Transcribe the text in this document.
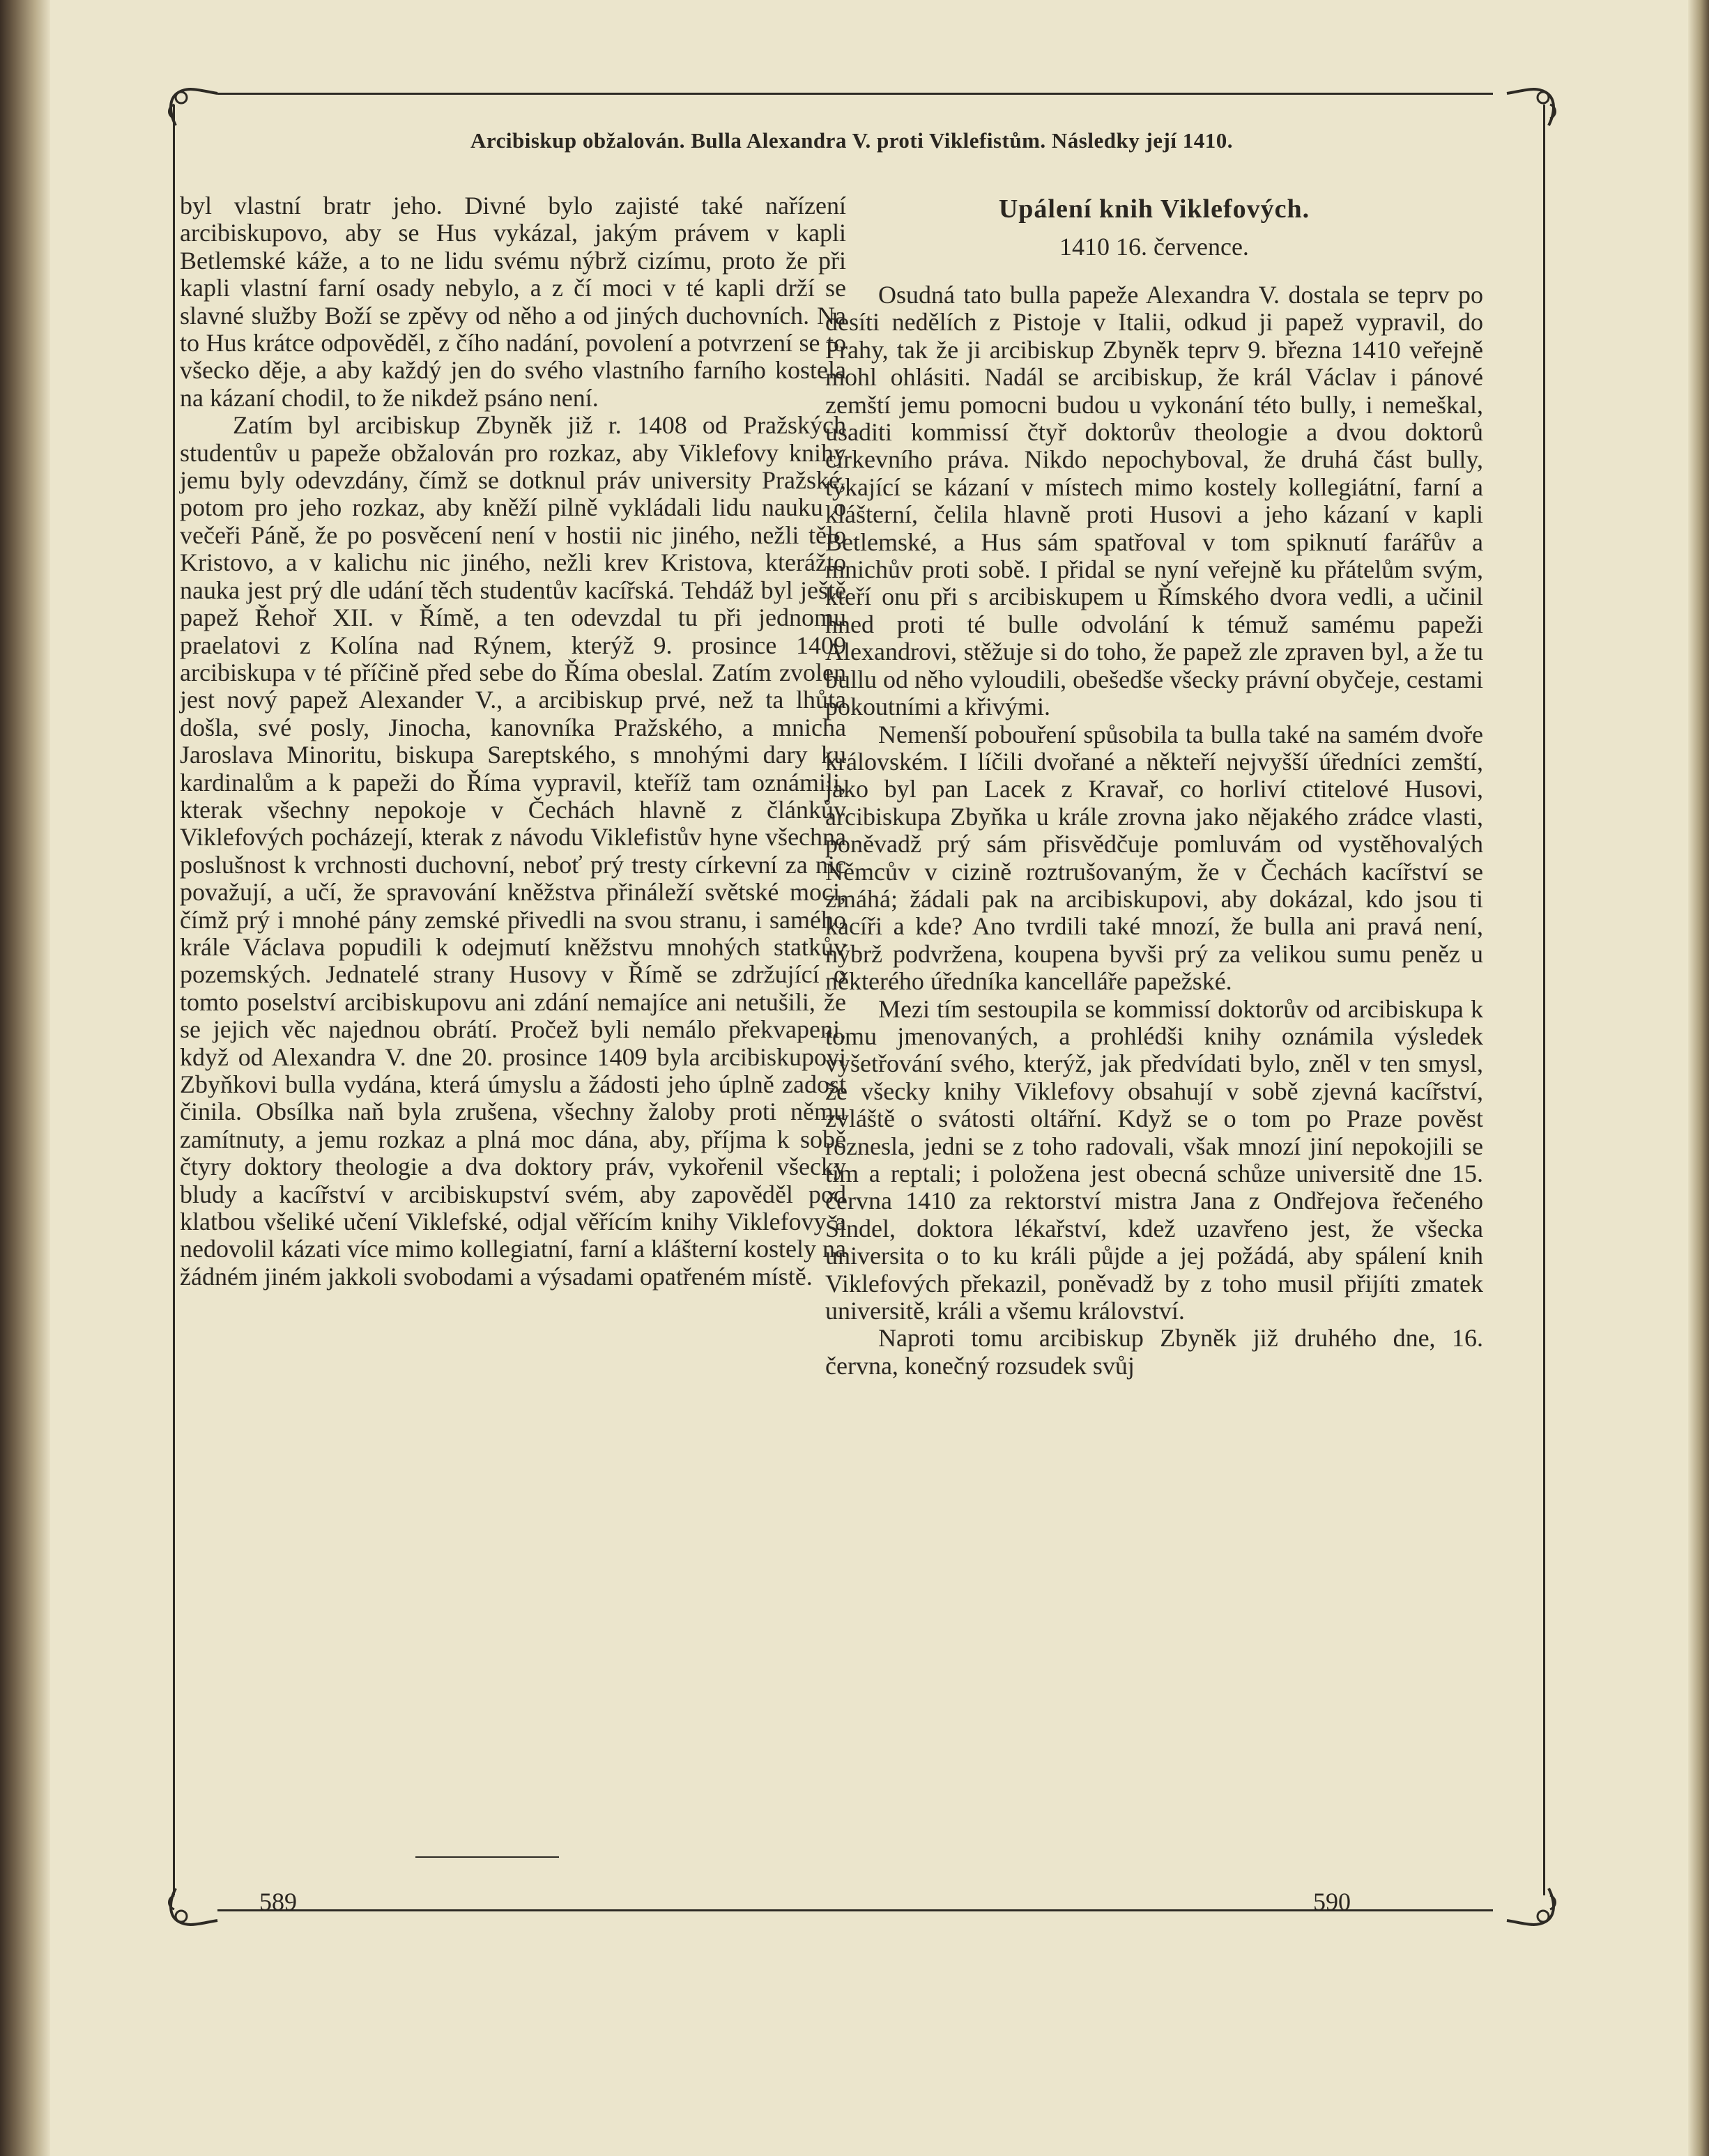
Arcibiskup obžalován. Bulla Alexandra V. proti Viklefistům. Následky její 1410.

byl vlastní bratr jeho. Divné bylo zajisté také nařízení arcibiskupovo, aby se Hus vykázal, jakým právem v kapli Betlemské káže, a to ne lidu svému nýbrž cizímu, proto že při kapli vlastní farní osady nebylo, a z čí moci v té kapli drží se slavné služby Boží se zpěvy od něho a od jiných duchovních. Na to Hus krátce odpověděl, z čího nadání, povolení a potvrzení se to všecko děje, a aby každý jen do svého vlastního farního kostela na kázaní chodil, to že nikdež psáno není.

Zatím byl arcibiskup Zbyněk již r. 1408 od Pražských studentův u papeže obžalován pro rozkaz, aby Viklefovy knihy jemu byly odevzdány, čímž se dotknul práv university Pražské, potom pro jeho rozkaz, aby kněží pilně vykládali lidu nauku o večeři Páně, že po posvěcení není v hostii nic jiného, nežli tělo Kristovo, a v kalichu nic jiného, nežli krev Kristova, kterážto nauka jest prý dle udání těch studentův kacířská. Tehdáž byl ještě papež Řehoř XII. v Římě, a ten odevzdal tu při jednomu praelatovi z Kolína nad Rýnem, kterýž 9. prosince 1409 arcibiskupa v té příčině před sebe do Říma obeslal. Zatím zvolen jest nový papež Alexander V., a arcibiskup prvé, než ta lhůta došla, své posly, Jinocha, kanovníka Pražského, a mnicha Jaroslava Minoritu, biskupa Sareptského, s mnohými dary ku kardinalům a k papeži do Říma vypravil, kteříž tam oznámili, kterak všechny nepokoje v Čechách hlavně z článkův Viklefových pocházejí, kterak z návodu Viklefistův hyne všechna poslušnost k vrchnosti duchovní, neboť prý tresty církevní za nic považují, a učí, že spravování kněžstva přináleží světské moci, čímž prý i mnohé pány zemské přivedli na svou stranu, i samého krále Václava popudili k odejmutí kněžstvu mnohých statkův pozemských. Jednatelé strany Husovy v Římě se zdržující o tomto poselství arcibiskupovu ani zdání nemajíce ani netušili, že se jejich věc najednou obrátí. Pročež byli nemálo překvapeni, když od Alexandra V. dne 20. prosince 1409 byla arcibiskupovi Zbyňkovi bulla vydána, která úmyslu a žádosti jeho úplně zadost činila. Obsílka naň byla zrušena, všechny žaloby proti němu zamítnuty, a jemu rozkaz a plná moc dána, aby, příjma k sobě čtyry doktory theologie a dva doktory práv, vykořenil všecky bludy a kacířství v arcibiskupství svém, aby zapověděl pod klatbou všeliké učení Viklefské, odjal věřícím knihy Viklefovy a nedovolil kázati více mimo kollegiatní, farní a klášterní kostely na žádném jiném jakkoli svobodami a výsadami opatřeném místě.

Upálení knih Viklefových.
1410 16. července.

Osudná tato bulla papeže Alexandra V. dostala se teprv po desíti nedělích z Pistoje v Italii, odkud ji papež vypravil, do Prahy, tak že ji arcibiskup Zbyněk teprv 9. března 1410 veřejně mohl ohlásiti. Nadál se arcibiskup, že král Václav i pánové zemští jemu pomocni budou u vykonání této bully, i nemeškal, usaditi kommissí čtyř doktorův theologie a dvou doktorů církevního práva. Nikdo nepochyboval, že druhá část bully, týkající se kázaní v místech mimo kostely kollegiátní, farní a klášterní, čelila hlavně proti Husovi a jeho kázaní v kapli Betlemské, a Hus sám spatřoval v tom spiknutí farářův a mnichův proti sobě. I přidal se nyní veřejně ku přátelům svým, kteří onu při s arcibiskupem u Římského dvora vedli, a učinil hned proti té bulle odvolání k témuž samému papeži Alexandrovi, stěžuje si do toho, že papež zle zpraven byl, a že tu bullu od něho vyloudili, obešedše všecky právní obyčeje, cestami pokoutními a křivými.

Nemenší pobouření spůsobila ta bulla také na samém dvoře královském. I líčili dvořané a někteří nejvyšší úředníci zemští, jako byl pan Lacek z Kravař, co horliví ctitelové Husovi, arcibiskupa Zbyňka u krále zrovna jako nějakého zrádce vlasti, poněvadž prý sám přisvědčuje pomluvám od vystěhovalých Němcův v cizině roztrušovaným, že v Čechách kacířství se zmáhá; žádali pak na arcibiskupovi, aby dokázal, kdo jsou ti kacíři a kde? Ano tvrdili také mnozí, že bulla ani pravá není, nýbrž podvržena, koupena byvši prý za velikou sumu peněz u některého úředníka kancelláře papežské.

Mezi tím sestoupila se kommissí doktorův od arcibiskupa k tomu jmenovaných, a prohlédši knihy oznámila výsledek vyšetřování svého, kterýž, jak předvídati bylo, zněl v ten smysl, že všecky knihy Viklefovy obsahují v sobě zjevná kacířství, zvláště o svátosti oltářní. Když se o tom po Praze pověst roznesla, jedni se z toho radovali, však mnozí jiní nepokojili se tím a reptali; i položena jest obecná schůze universitě dne 15. června 1410 za rektorství mistra Jana z Ondřejova řečeného Šindel, doktora lékařství, kdež uzavřeno jest, že všecka universita o to ku králi půjde a jej požádá, aby spálení knih Viklefových překazil, poněvadž by z toho musil přijíti zmatek universitě, králi a všemu království.

Naproti tomu arcibiskup Zbyněk již druhého dne, 16. června, konečný rozsudek svůj

589	590
